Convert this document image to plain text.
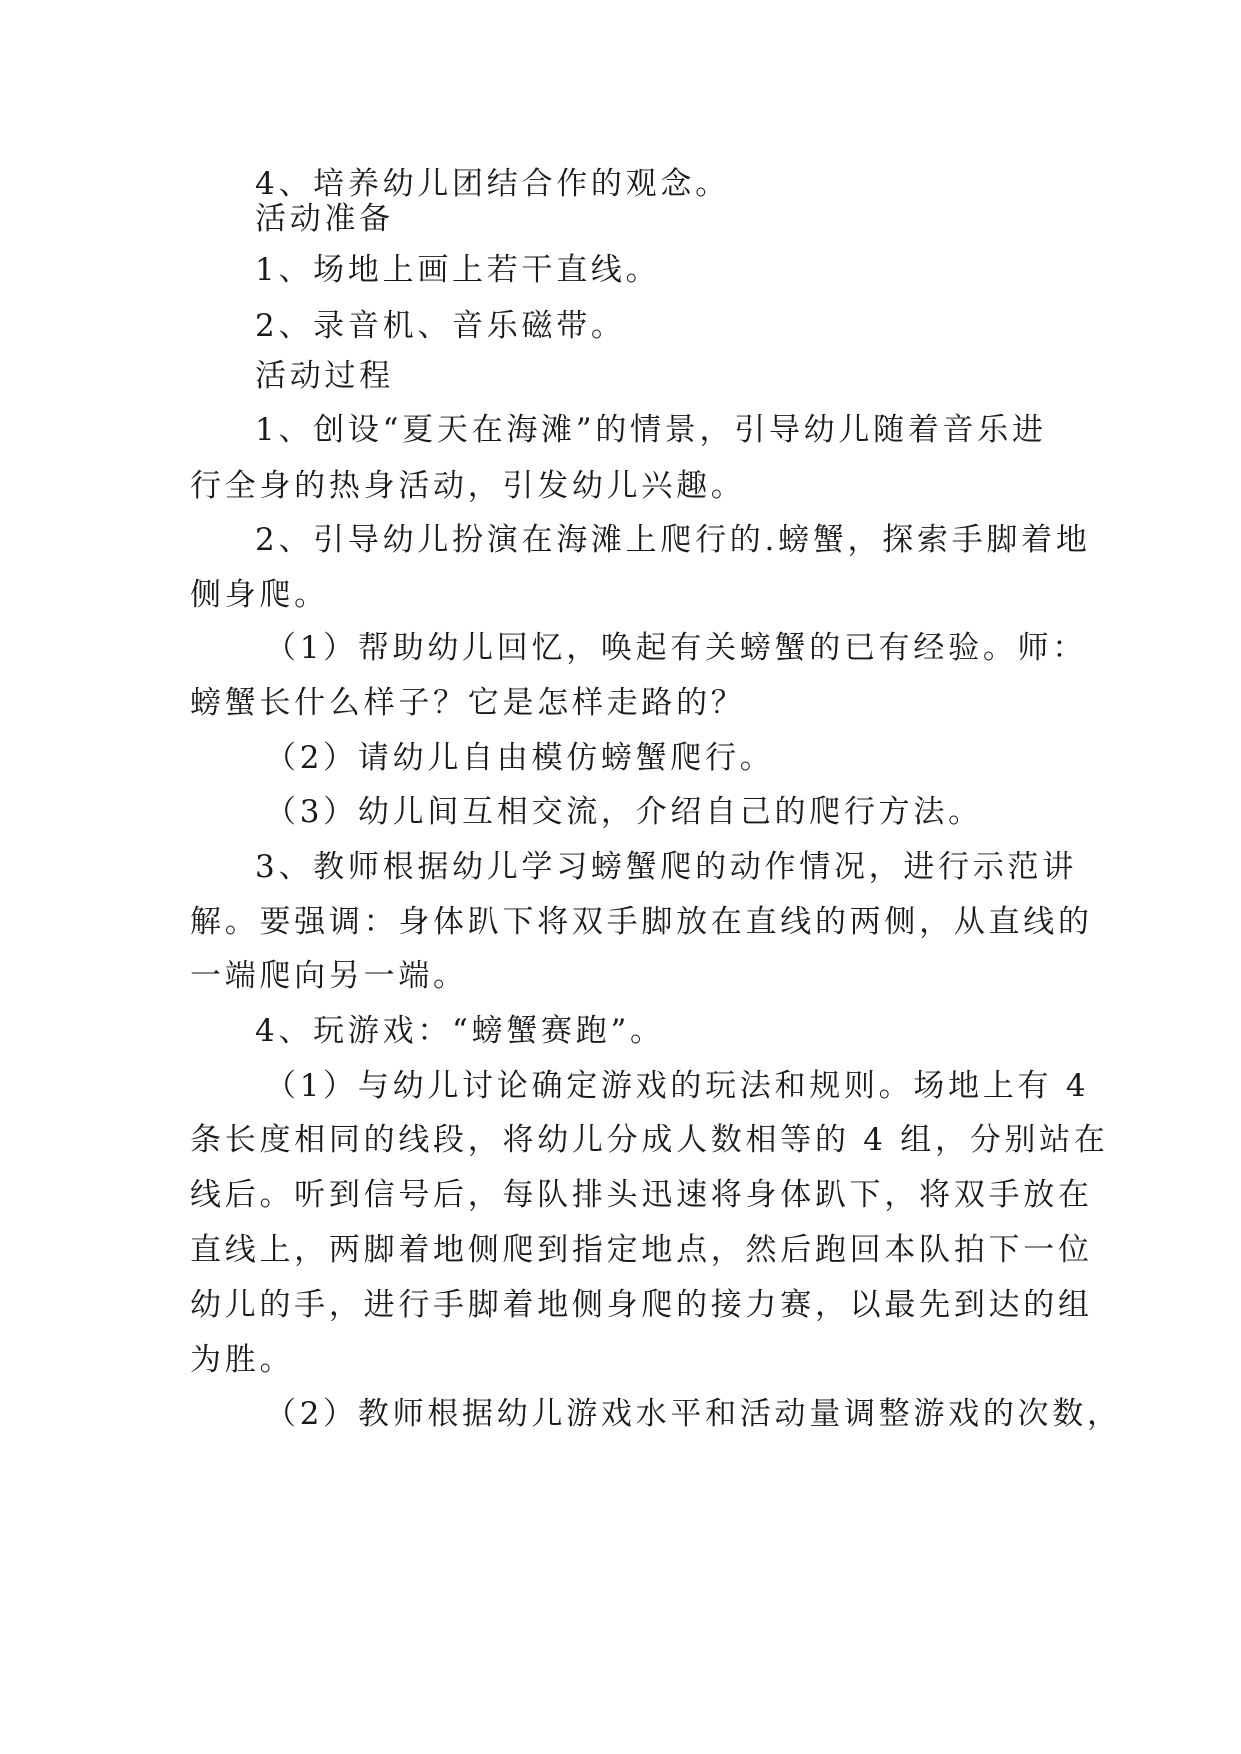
4、培养幼儿团结合作的观念。
活动准备
1、场地上画上若干直线。
2、录音机、音乐磁带。
活动过程
1、创设“夏天在海滩”的情景，引导幼儿随着音乐进
行全身的热身活动，引发幼儿兴趣。
2、引导幼儿扮演在海滩上爬行的.螃蟹，探索手脚着地
侧身爬。
（1）帮助幼儿回忆，唤起有关螃蟹的已有经验。师：
螃蟹长什么样子？它是怎样走路的？
（2）请幼儿自由模仿螃蟹爬行。
（3）幼儿间互相交流，介绍自己的爬行方法。
3、教师根据幼儿学习螃蟹爬的动作情况，进行示范讲
解。要强调：身体趴下将双手脚放在直线的两侧，从直线的
一端爬向另一端。
4、玩游戏：“螃蟹赛跑”。
（1）与幼儿讨论确定游戏的玩法和规则。场地上有 4
条长度相同的线段，将幼儿分成人数相等的 4 组，分别站在
线后。听到信号后，每队排头迅速将身体趴下，将双手放在
直线上，两脚着地侧爬到指定地点，然后跑回本队拍下一位
幼儿的手，进行手脚着地侧身爬的接力赛，以最先到达的组
为胜。
（2）教师根据幼儿游戏水平和活动量调整游戏的次数，
